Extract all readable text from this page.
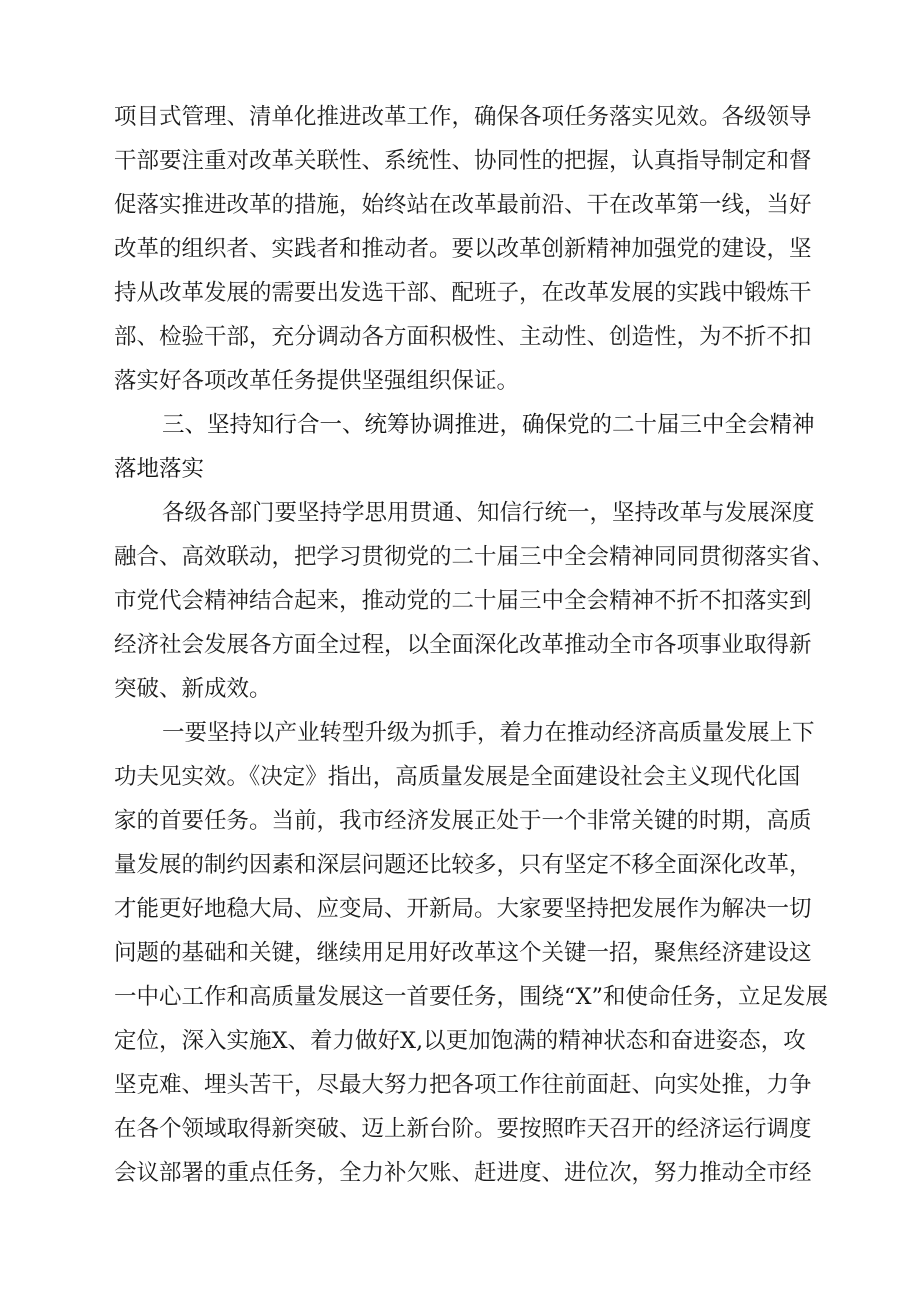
项目式管理、清单化推进改革工作，确保各项任务落实见效。各级领导
干部要注重对改革关联性、系统性、协同性的把握，认真指导制定和督
促落实推进改革的措施，始终站在改革最前沿、干在改革第一线，当好
改革的组织者、实践者和推动者。要以改革创新精神加强党的建设，坚
持从改革发展的需要出发选干部、配班子，在改革发展的实践中锻炼干
部、检验干部，充分调动各方面积极性、主动性、创造性，为不折不扣
落实好各项改革任务提供坚强组织保证。
三、坚持知行合一、统筹协调推进，确保党的二十届三中全会精神
落地落实
各级各部门要坚持学思用贯通、知信行统一，坚持改革与发展深度
融合、高效联动，把学习贯彻党的二十届三中全会精神同同贯彻落实省、
市党代会精神结合起来，推动党的二十届三中全会精神不折不扣落实到
经济社会发展各方面全过程，以全面深化改革推动全市各项事业取得新
突破、新成效。
一要坚持以产业转型升级为抓手，着力在推动经济高质量发展上下
功夫见实效。《决定》指出，高质量发展是全面建设社会主义现代化国
家的首要任务。当前，我市经济发展正处于一个非常关键的时期，高质
量发展的制约因素和深层问题还比较多，只有坚定不移全面深化改革，
才能更好地稳大局、应变局、开新局。大家要坚持把发展作为解决一切
问题的基础和关键，继续用足用好改革这个关键一招，聚焦经济建设这
一中心工作和高质量发展这一首要任务，围绕“X”和使命任务，立足发展
定位，深入实施X、着力做好X,以更加饱满的精神状态和奋进姿态，攻
坚克难、埋头苦干，尽最大努力把各项工作往前面赶、向实处推，力争
在各个领域取得新突破、迈上新台阶。要按照昨天召开的经济运行调度
会议部署的重点任务，全力补欠账、赶进度、进位次，努力推动全市经
